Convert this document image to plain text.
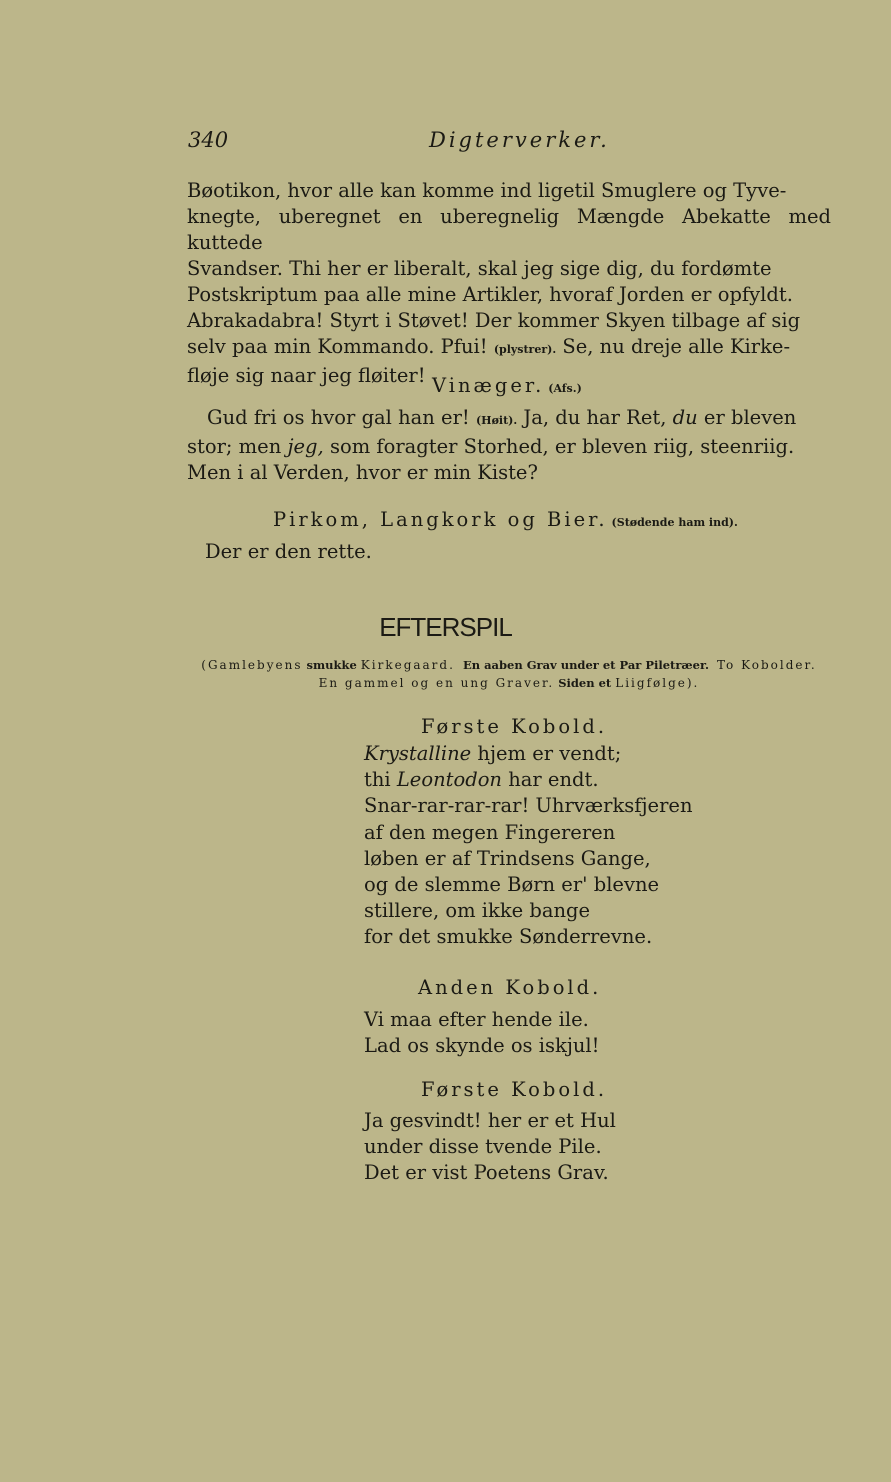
340	Digterverker.
Bøotikon, hvor alle kan komme ind ligetil Smuglere og Tyve-
knegte, uberegnet en uberegnelig Mængde Abekatte med kuttede
Svandser. Thi her er liberalt, skal jeg sige dig, du fordømte
Postskriptum paa alle mine Artikler, hvoraf Jorden er opfyldt.
Abrakadabra! Styrt i Støvet! Der kommer Skyen tilbage af sig
selv paa min Kommando. Pfui! (plystrer). Se, nu dreje alle Kirke-
fløje sig naar jeg fløiter! Vinæger. (Afs.)
Gud fri os hvor gal han er! (Høit). Ja, du har Ret, du er bleven
stor; men jeg, som foragter Storhed, er bleven riig, steenriig.
Men i al Verden, hvor er min Kiste?
Pirkom, Langkork og Bier. (Stødende ham ind).
Der er den rette.
EFTERSPIL
(Gamlebyens smukke Kirkegaard. En aaben Grav under et Par Piletræer. To Kobolder.
En gammel og en ung Graver. Siden et Liigfølge).
Første Kobold.
Krystalline hjem er vendt;
thi Leontodon har endt.
Snar-rar-rar-rar! Uhrværksfjeren
af den megen Fingereren
løben er af Trindsens Gange,
og de slemme Børn er' blevne
stillere, om ikke bange
for det smukke Sønderrevne.
Anden Kobold.
Vi maa efter hende ile.
Lad os skynde os iskjul!
Første Kobold.
Ja gesvindt! her er et Hul
under disse tvende Pile.
Det er vist Poetens Grav.
